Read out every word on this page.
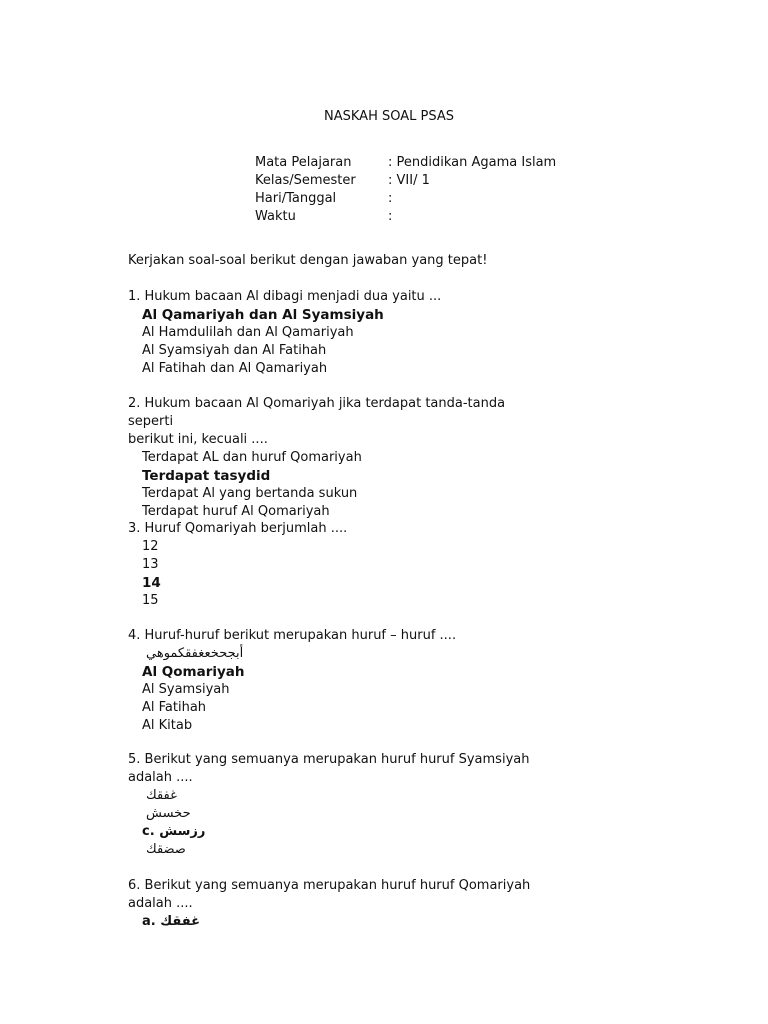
NASKAH SOAL PSAS
Mata Pelajaran	: Pendidikan Agama Islam
Kelas/Semester	: VII/ 1
Hari/Tanggal	:
Waktu	:
Kerjakan soal-soal berikut dengan jawaban yang tepat!
1. Hukum bacaan Al dibagi menjadi dua yaitu ...
Al Qamariyah dan Al Syamsiyah
Al Hamdulilah dan Al Qamariyah
Al Syamsiyah dan Al Fatihah
Al Fatihah dan Al Qamariyah
2. Hukum bacaan Al Qomariyah jika terdapat tanda-tanda seperti
berikut ini, kecuali ....
Terdapat AL dan huruf Qomariyah
Terdapat tasydid
Terdapat Al yang bertanda sukun
Terdapat huruf Al Qomariyah
3. Huruf Qomariyah berjumlah ....
12
13
14
15
4. Huruf-huruf berikut merupakan huruf – huruf ....
أبجحخعغفقكموهي
Al Qomariyah
Al Syamsiyah
Al Fatihah
Al Kitab
5. Berikut yang semuanya merupakan huruf huruf Syamsiyah
adalah ....
غفقك
حخسش
c. رزسش
صضقك
6. Berikut yang semuanya merupakan huruf huruf Qomariyah
adalah ....
a. غفقك
